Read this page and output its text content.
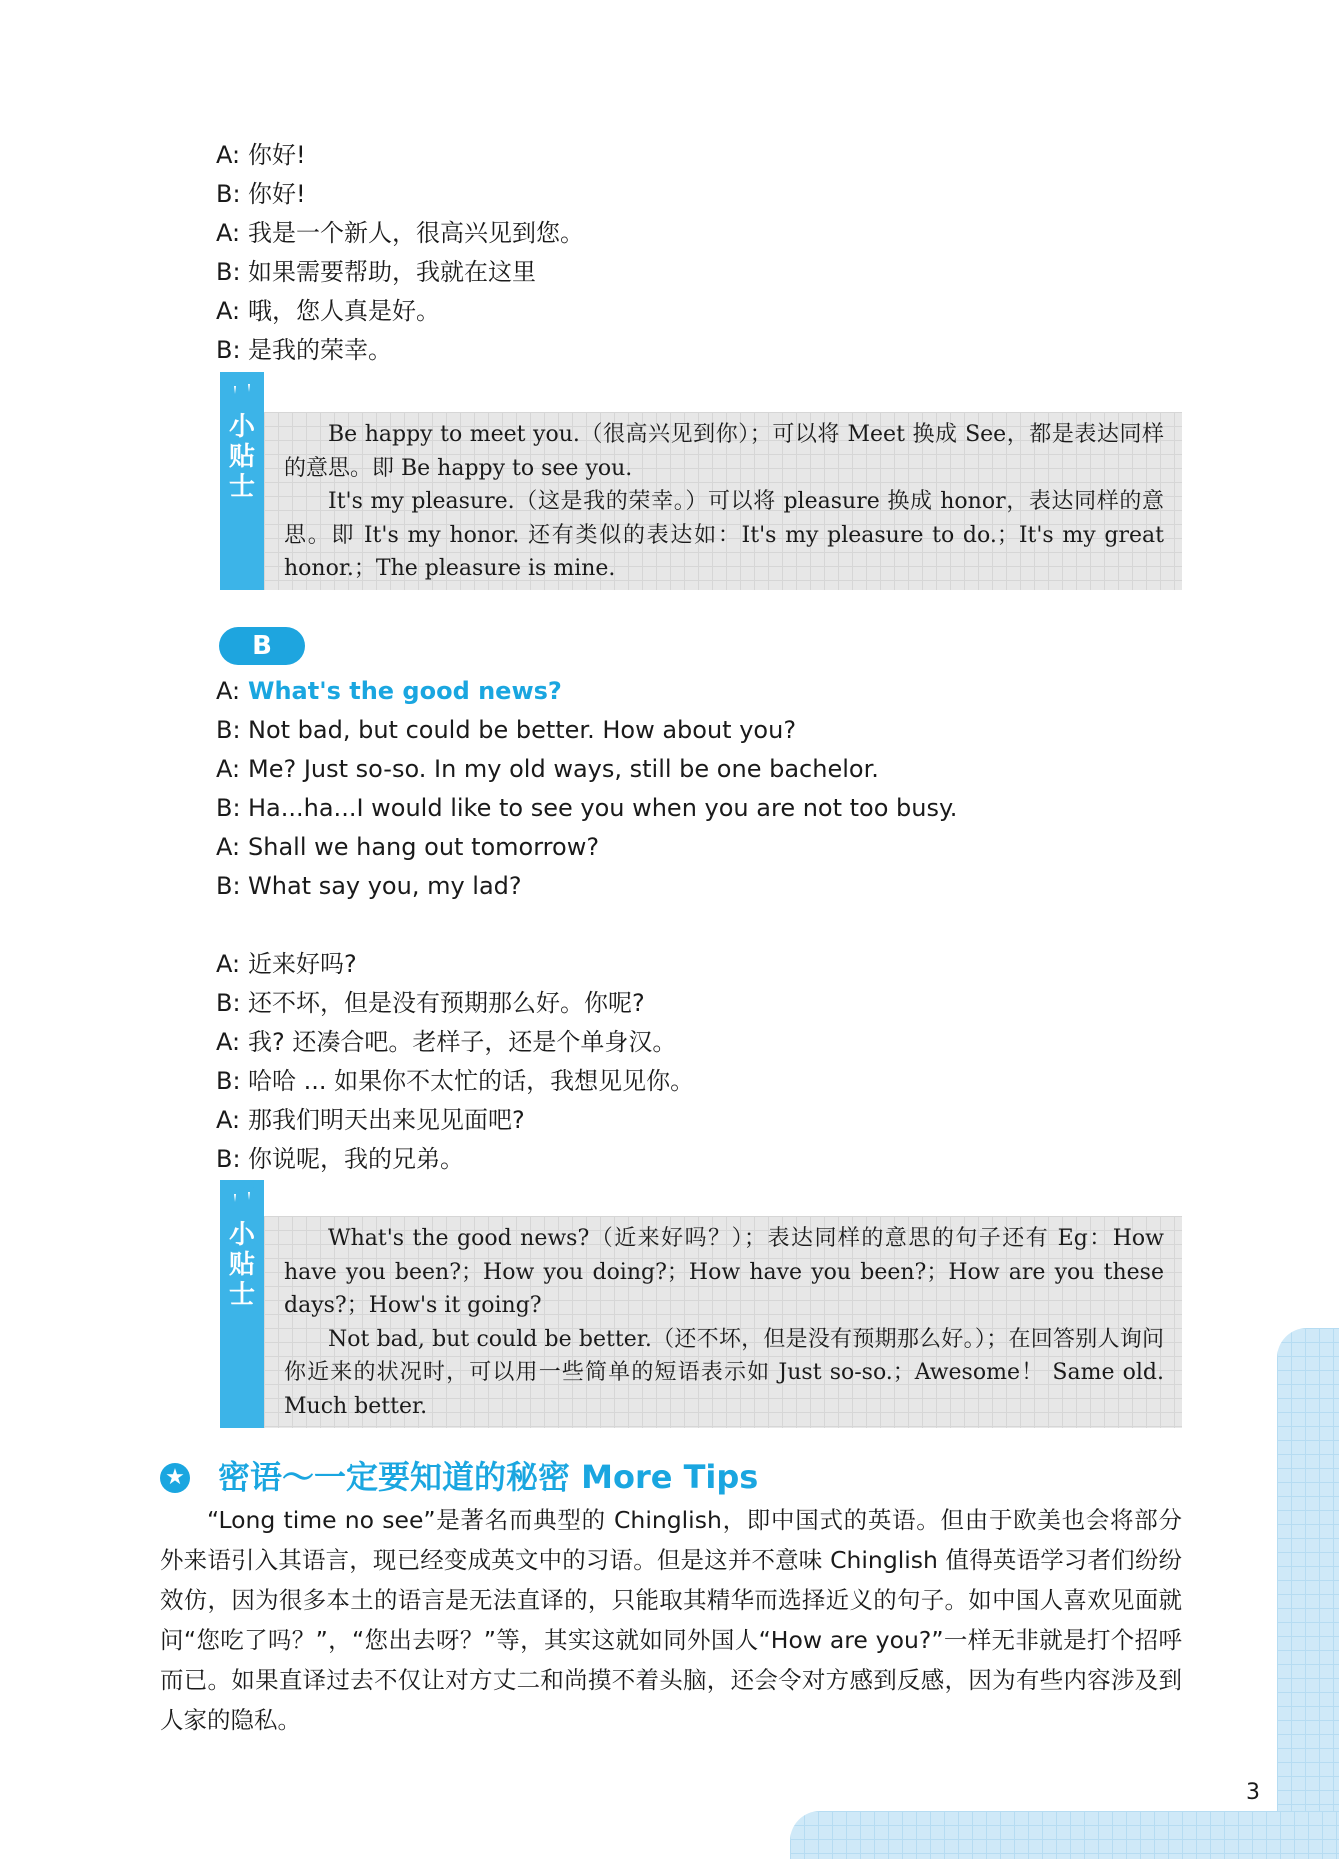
A: 你好!
B: 你好!
A: 我是一个新人，很高兴见到您。
B: 如果需要帮助，我就在这里
A: 哦，您人真是好。
B: 是我的荣幸。
小贴士

Be happy to meet you.（很高兴见到你）；可以将 Meet 换成 See，都是表达同样的意思。即 Be happy to see you.

It's my pleasure.（这是我的荣幸。）可以将 pleasure 换成 honor，表达同样的意思。即 It's my honor. 还有类似的表达如：It's my pleasure to do.；It's my great honor.；The pleasure is mine.

B
A: What's the good news?
B: Not bad, but could be better. How about you?
A: Me? Just so-so. In my old ways, still be one bachelor.
B: Ha...ha...I would like to see you when you are not too busy.
A: Shall we hang out tomorrow?
B: What say you, my lad?
A: 近来好吗?
B: 还不坏，但是没有预期那么好。你呢?
A: 我? 还凑合吧。老样子，还是个单身汉。
B: 哈哈 ... 如果你不太忙的话，我想见见你。
A: 那我们明天出来见见面吧?
B: 你说呢，我的兄弟。
小贴士

What's the good news?（近来好吗？）；表达同样的意思的句子还有 Eg：How have you been?；How you doing?；How have you been?；How are you these days?；How's it going?

Not bad, but could be better.（还不坏，但是没有预期那么好。）；在回答别人询问你近来的状况时，可以用一些简单的短语表示如 Just so-so.；Awesome！ Same old. Much better.

★ 密语～一定要知道的秘密 More Tips

“Long time no see”是著名而典型的 Chinglish，即中国式的英语。但由于欧美也会将部分外来语引入其语言，现已经变成英文中的习语。但是这并不意味 Chinglish 值得英语学习者们纷纷效仿，因为很多本土的语言是无法直译的，只能取其精华而选择近义的句子。如中国人喜欢见面就问“您吃了吗？”，“您出去呀？”等，其实这就如同外国人“How are you?”一样无非就是打个招呼而已。如果直译过去不仅让对方丈二和尚摸不着头脑，还会令对方感到反感，因为有些内容涉及到人家的隐私。

3
